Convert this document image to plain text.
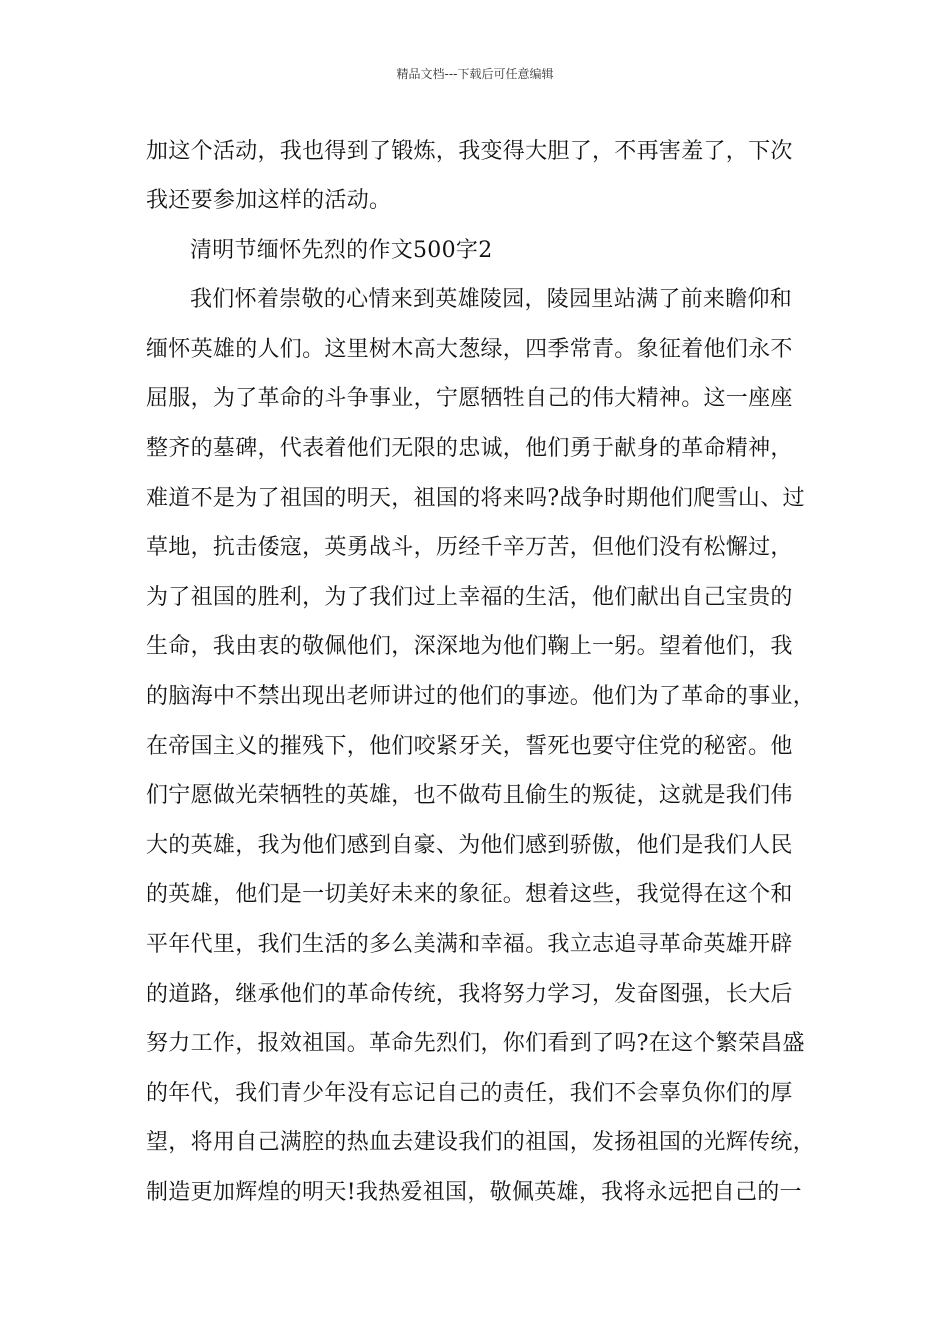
精品文档---下载后可任意编辑
加这个活动，我也得到了锻炼，我变得大胆了，不再害羞了，下次
我还要参加这样的活动。
清明节缅怀先烈的作文500字2
我们怀着崇敬的心情来到英雄陵园，陵园里站满了前来瞻仰和
缅怀英雄的人们。这里树木高大葱绿，四季常青。象征着他们永不
屈服，为了革命的斗争事业，宁愿牺牲自己的伟大精神。这一座座
整齐的墓碑，代表着他们无限的忠诚，他们勇于献身的革命精神，
难道不是为了祖国的明天，祖国的将来吗?战争时期他们爬雪山、过
草地，抗击倭寇，英勇战斗，历经千辛万苦，但他们没有松懈过，
为了祖国的胜利，为了我们过上幸福的生活，他们献出自己宝贵的
生命，我由衷的敬佩他们，深深地为他们鞠上一躬。望着他们，我
的脑海中不禁出现出老师讲过的他们的事迹。他们为了革命的事业，
在帝国主义的摧残下，他们咬紧牙关，誓死也要守住党的秘密。他
们宁愿做光荣牺牲的英雄，也不做苟且偷生的叛徒，这就是我们伟
大的英雄，我为他们感到自豪、为他们感到骄傲，他们是我们人民
的英雄，他们是一切美好未来的象征。想着这些，我觉得在这个和
平年代里，我们生活的多么美满和幸福。我立志追寻革命英雄开辟
的道路，继承他们的革命传统，我将努力学习，发奋图强，长大后
努力工作，报效祖国。革命先烈们，你们看到了吗?在这个繁荣昌盛
的年代，我们青少年没有忘记自己的责任，我们不会辜负你们的厚
望，将用自己满腔的热血去建设我们的祖国，发扬祖国的光辉传统，
制造更加辉煌的明天!我热爱祖国，敬佩英雄，我将永远把自己的一
